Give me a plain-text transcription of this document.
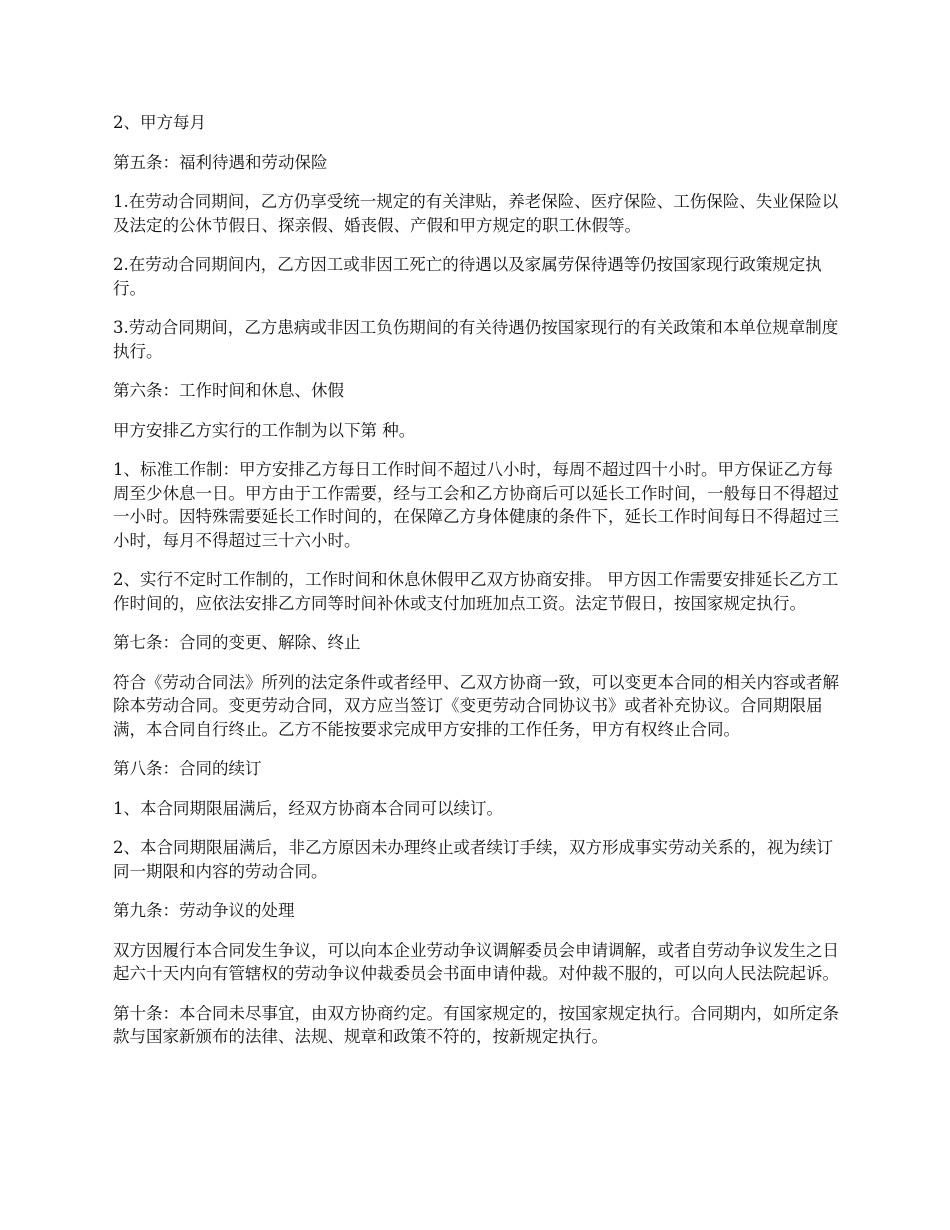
2、甲方每月

第五条：福利待遇和劳动保险

1.在劳动合同期间，乙方仍享受统一规定的有关津贴，养老保险、医疗保险、工伤保险、失业保险以及法定的公休节假日、探亲假、婚丧假、产假和甲方规定的职工休假等。

2.在劳动合同期间内，乙方因工或非因工死亡的待遇以及家属劳保待遇等仍按国家现行政策规定执行。

3.劳动合同期间，乙方患病或非因工负伤期间的有关待遇仍按国家现行的有关政策和本单位规章制度执行。

第六条：工作时间和休息、休假

甲方安排乙方实行的工作制为以下第 种。

1、标准工作制：甲方安排乙方每日工作时间不超过八小时，每周不超过四十小时。甲方保证乙方每周至少休息一日。甲方由于工作需要，经与工会和乙方协商后可以延长工作时间，一般每日不得超过一小时。因特殊需要延长工作时间的，在保障乙方身体健康的条件下，延长工作时间每日不得超过三小时，每月不得超过三十六小时。

2、实行不定时工作制的，工作时间和休息休假甲乙双方协商安排。 甲方因工作需要安排延长乙方工作时间的，应依法安排乙方同等时间补休或支付加班加点工资。法定节假日，按国家规定执行。

第七条：合同的变更、解除、终止

符合《劳动合同法》所列的法定条件或者经甲、乙双方协商一致，可以变更本合同的相关内容或者解除本劳动合同。变更劳动合同，双方应当签订《变更劳动合同协议书》或者补充协议。合同期限届满，本合同自行终止。乙方不能按要求完成甲方安排的工作任务，甲方有权终止合同。

第八条：合同的续订

1、本合同期限届满后，经双方协商本合同可以续订。

2、本合同期限届满后，非乙方原因未办理终止或者续订手续，双方形成事实劳动关系的，视为续订同一期限和内容的劳动合同。

第九条：劳动争议的处理

双方因履行本合同发生争议，可以向本企业劳动争议调解委员会申请调解，或者自劳动争议发生之日起六十天内向有管辖权的劳动争议仲裁委员会书面申请仲裁。对仲裁不服的，可以向人民法院起诉。

第十条：本合同未尽事宜，由双方协商约定。有国家规定的，按国家规定执行。合同期内，如所定条款与国家新颁布的法律、法规、规章和政策不符的，按新规定执行。
